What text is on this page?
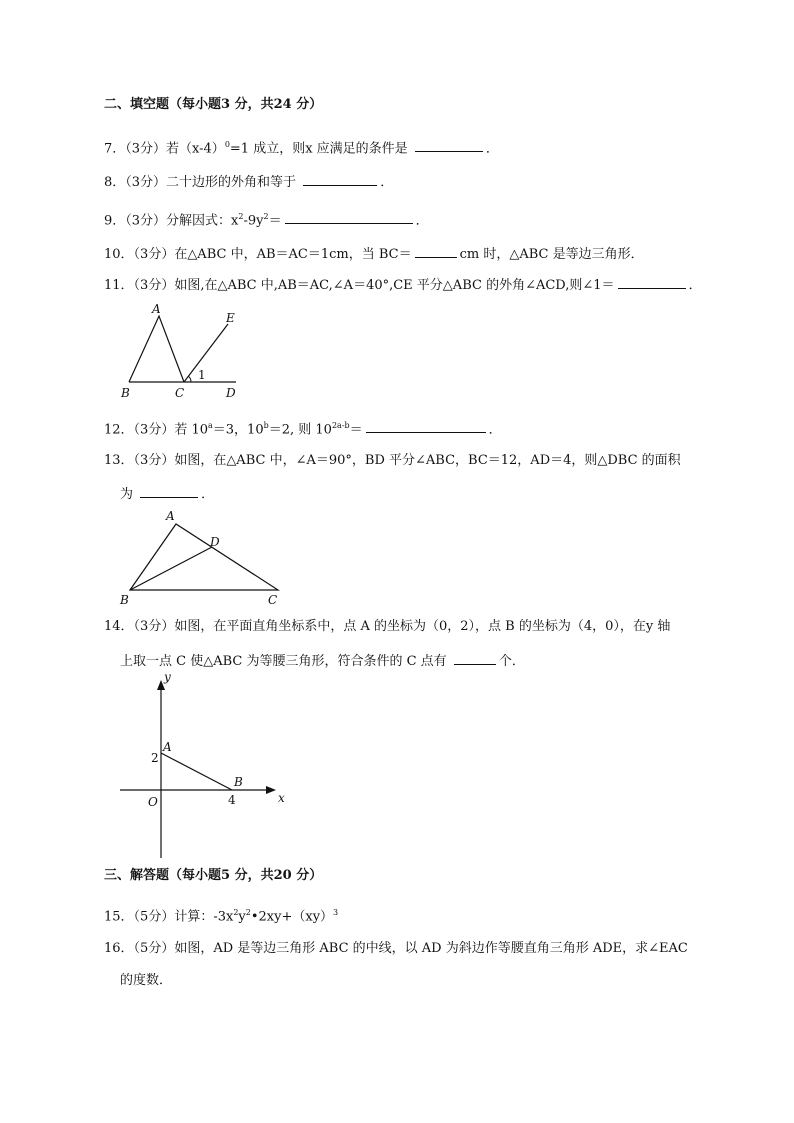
二、填空题（每小题3 分，共24 分）
7．（3分）若$(x-4)^0=1$ 成立，则x 应满足的条件是	．
8．（3分）二十边形的外角和等于	．
9．（3分）分解因式：$x^2-9y^2=$	．
10．（3分）在△ABC 中，AB＝AC＝1cm，当 BC＝	cm 时，△ABC 是等边三角形．
11．（3分）如图,在△ABC 中,AB＝AC,∠A＝40°,CE 平分△ABC 的外角∠ACD,则∠1＝	．
A
B	C	D
E
1
12．（3分）若 $10^a=3$，$10^b=2$, 则 $10^{2a-b}=$	．
13．（3分）如图，在△ABC 中，∠A＝90°，BD 平分∠ABC，BC＝12，AD＝4，则△DBC 的面积
为	．
A
B	C
D
14．（3分）如图，在平面直角坐标系中，点 A 的坐标为（0，2），点 B 的坐标为（4，0），在y 轴
上取一点 C 使△ABC 为等腰三角形，符合条件的 C 点有	个．
y
x
O
A
B
2
4
三、解答题（每小题5 分，共20 分）
15．（5分）计算：$-3x^2y^2•2xy+(xy)^3$
16．（5分）如图，AD 是等边三角形 ABC 的中线，以 AD 为斜边作等腰直角三角形 ADE，求∠EAC
的度数．
